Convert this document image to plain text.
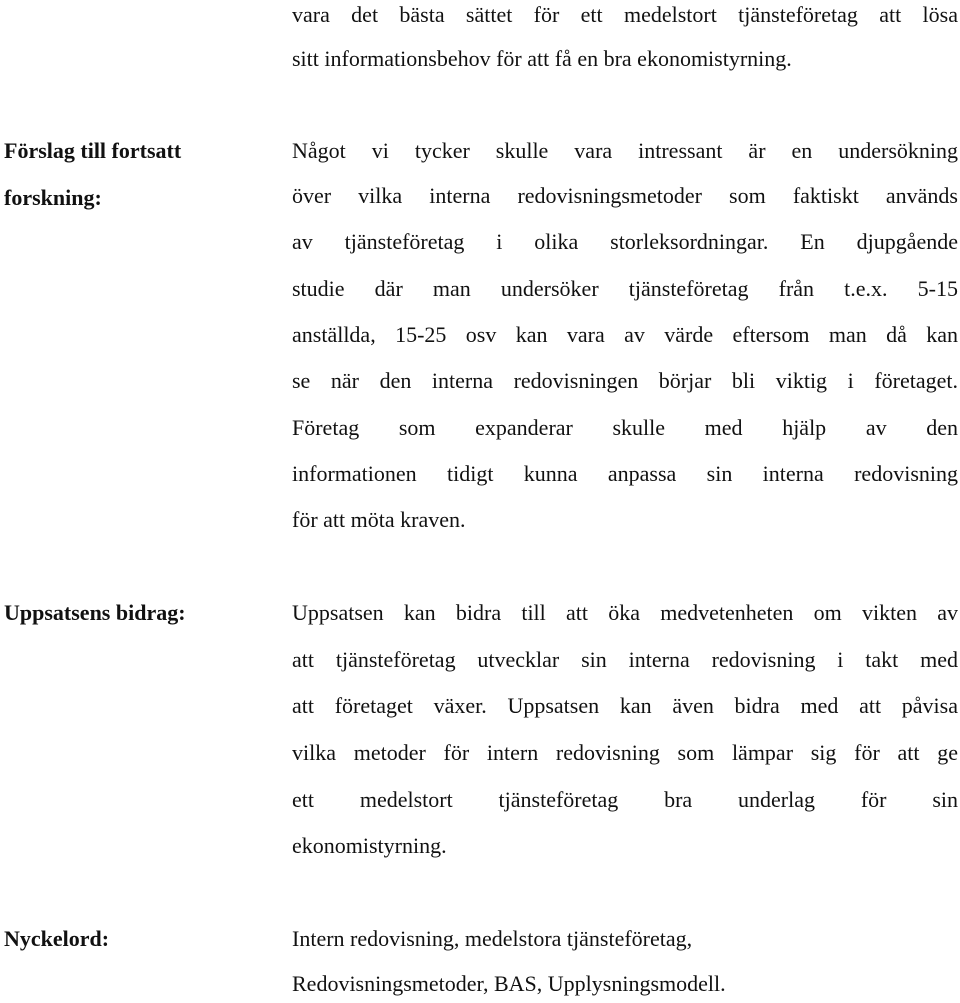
vara det bästa sättet för ett medelstort tjänsteföretag att lösa
sitt informationsbehov för att få en bra ekonomistyrning.
Förslag till fortsatt
forskning:
Något vi tycker skulle vara intressant är en undersökning
över vilka interna redovisningsmetoder som faktiskt används
av tjänsteföretag i olika storleksordningar. En djupgående
studie där man undersöker tjänsteföretag från t.e.x. 5-15
anställda, 15-25 osv kan vara av värde eftersom man då kan
se när den interna redovisningen börjar bli viktig i företaget.
Företag som expanderar skulle med hjälp av den
informationen tidigt kunna anpassa sin interna redovisning
för att möta kraven.
Uppsatsens bidrag:	Uppsatsen kan bidra till att öka medvetenheten om vikten av
att tjänsteföretag utvecklar sin interna redovisning i takt med
att företaget växer. Uppsatsen kan även bidra med att påvisa
vilka metoder för intern redovisning som lämpar sig för att ge
ett medelstort tjänsteföretag bra underlag för sin
ekonomistyrning.
Nyckelord:	Intern redovisning, medelstora tjänsteföretag,
Redovisningsmetoder, BAS, Upplysningsmodell.
